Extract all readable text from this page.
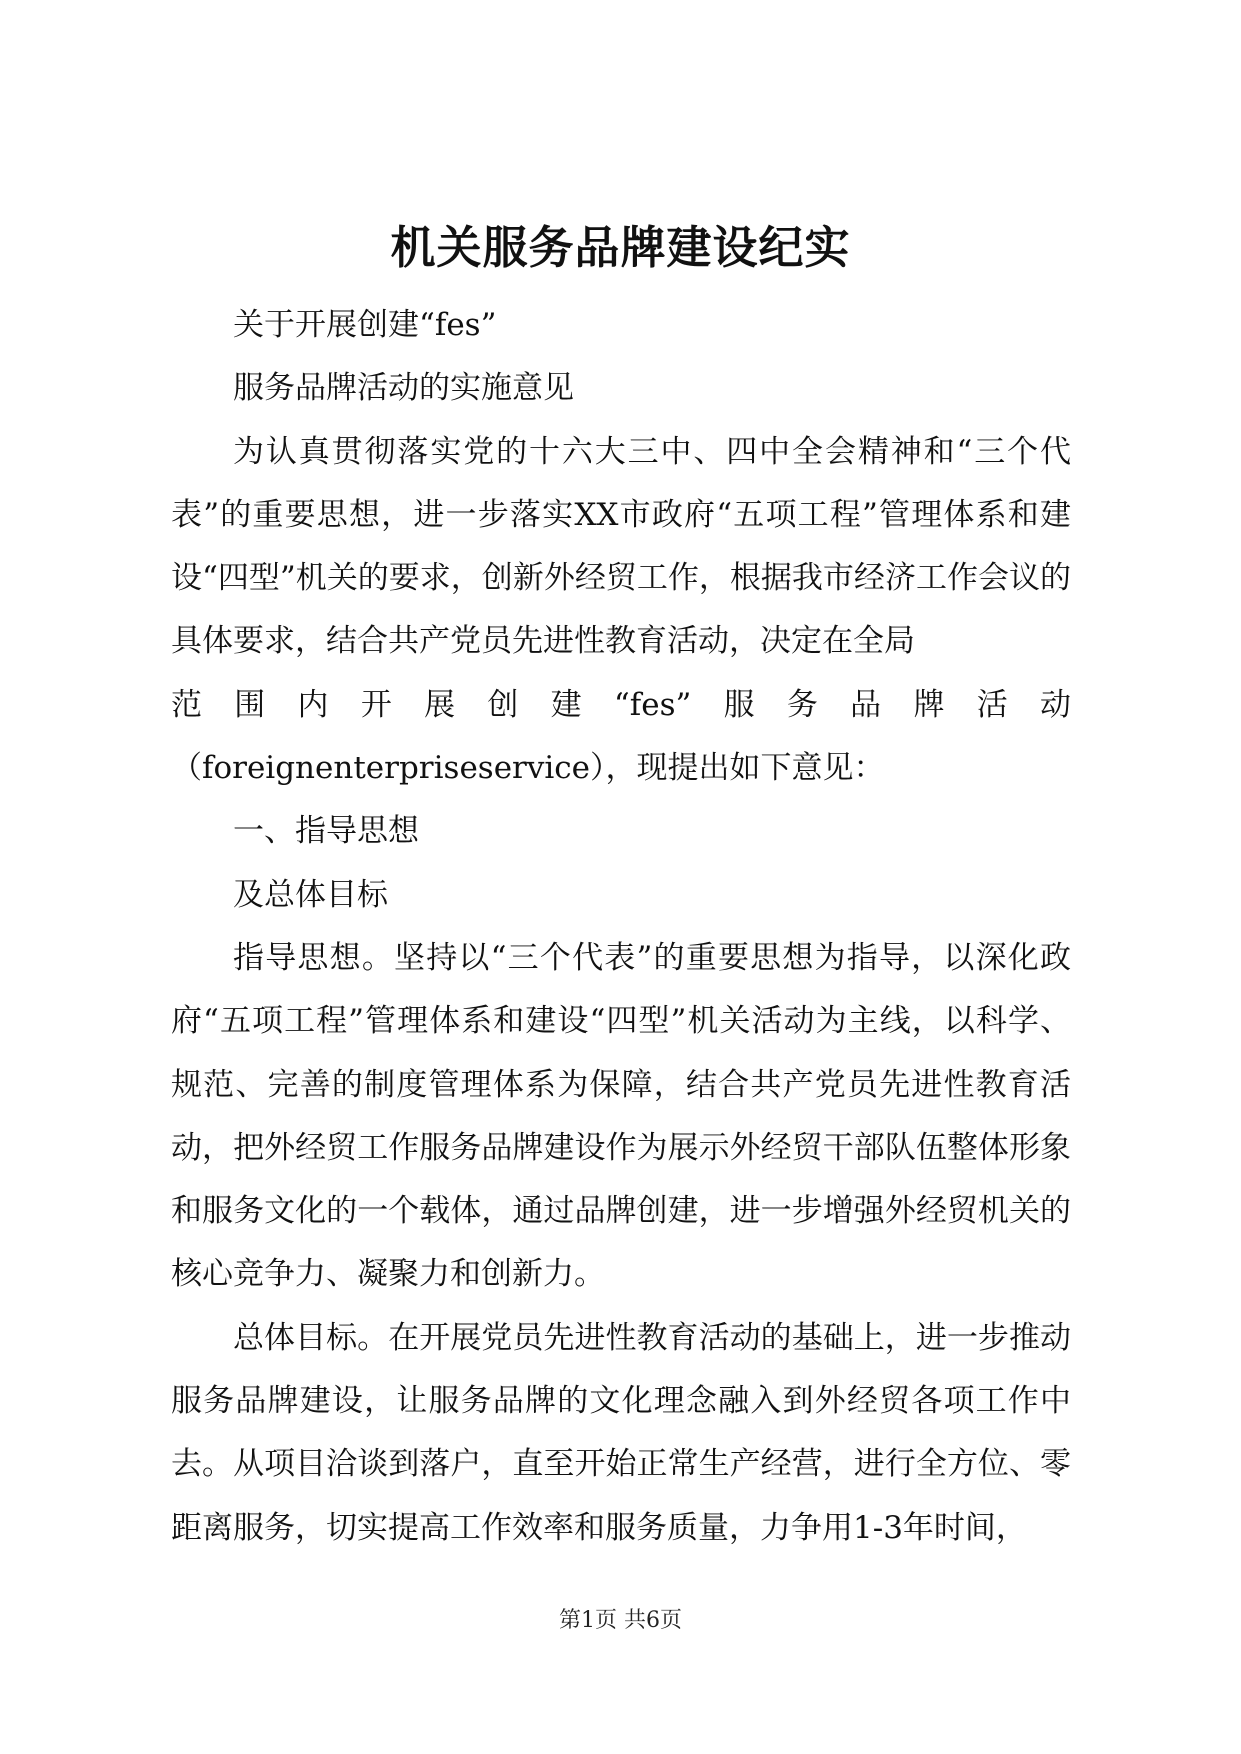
机关服务品牌建设纪实

关于开展创建“fes”

服务品牌活动的实施意见

为认真贯彻落实党的十六大三中、四中全会精神和“三个代表”的重要思想，进一步落实XX市政府“五项工程”管理体系和建设“四型”机关的要求，创新外经贸工作，根据我市经济工作会议的具体要求，结合共产党员先进性教育活动，决定在全局
范围内开展创建“fes”服务品牌活动
（foreignenterpriseservice），现提出如下意见：

一、指导思想

及总体目标

指导思想。坚持以“三个代表”的重要思想为指导，以深化政府“五项工程”管理体系和建设“四型”机关活动为主线，以科学、规范、完善的制度管理体系为保障，结合共产党员先进性教育活动，把外经贸工作服务品牌建设作为展示外经贸干部队伍整体形象和服务文化的一个载体，通过品牌创建，进一步增强外经贸机关的核心竞争力、凝聚力和创新力。

总体目标。在开展党员先进性教育活动的基础上，进一步推动服务品牌建设，让服务品牌的文化理念融入到外经贸各项工作中去。从项目洽谈到落户，直至开始正常生产经营，进行全方位、零距离服务，切实提高工作效率和服务质量，力争用1-3年时间，

第1页 共6页
